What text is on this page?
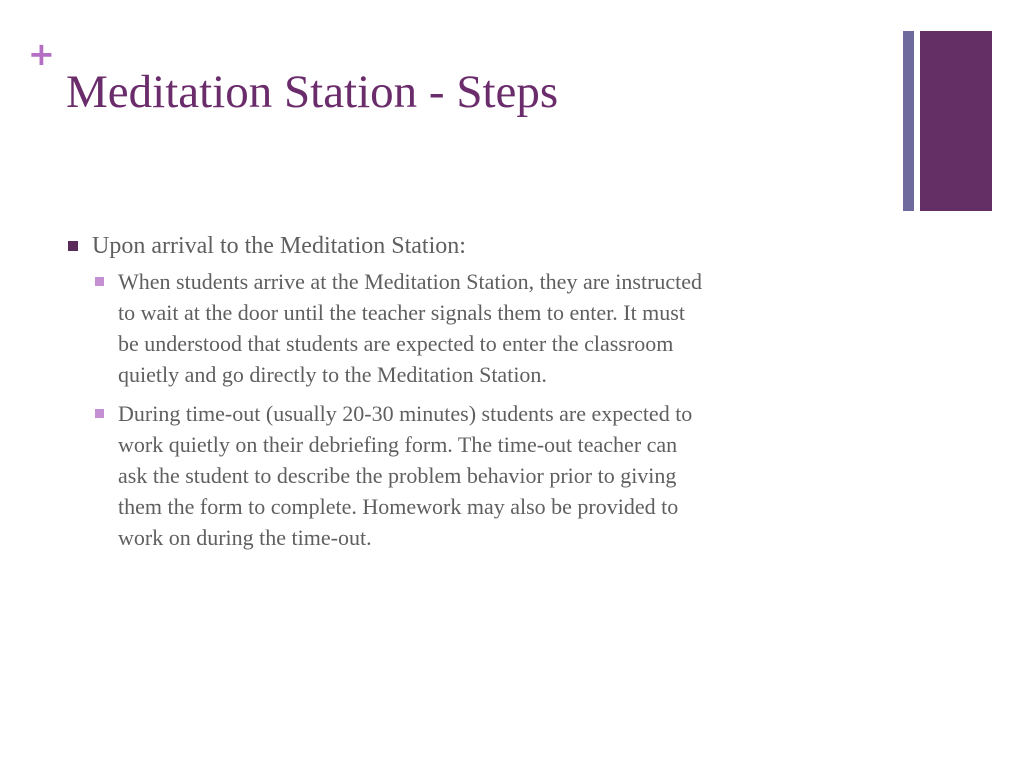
+
Meditation Station - Steps
Upon arrival to the Meditation Station:
When students arrive at the Meditation Station, they are instructed
to wait at the door until the teacher signals them to enter. It must
be understood that students are expected to enter the classroom
quietly and go directly to the Meditation Station.
During time-out (usually 20-30 minutes) students are expected to
work quietly on their debriefing form. The time-out teacher can
ask the student to describe the problem behavior prior to giving
them the form to complete. Homework may also be provided to
work on during the time-out.
